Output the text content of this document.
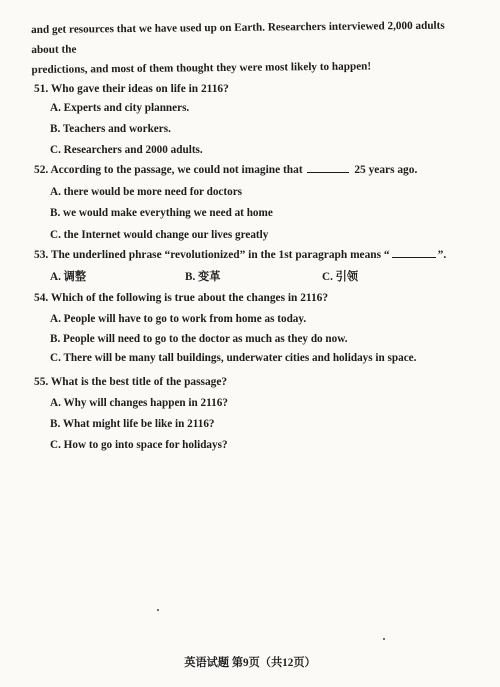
and get resources that we have used up on Earth. Researchers interviewed 2,000 adults about the

predictions, and most of them thought they were most likely to happen!

51. Who gave their ideas on life in 2116?
A. Experts and city planners.
B. Teachers and workers.
C. Researchers and 2000 adults.
52. According to the passage, we could not imagine that	25 years ago.
A. there would be more need for doctors
B. we would make everything we need at home
C. the Internet would change our lives greatly
53. The underlined phrase “revolutionized” in the 1st paragraph means “	”.
A. 调整	B. 变革	C. 引领
54. Which of the following is true about the changes in 2116?
A. People will have to go to work from home as today.
B. People will need to go to the doctor as much as they do now.
C. There will be many tall buildings, underwater cities and holidays in space.
55. What is the best title of the passage?
A. Why will changes happen in 2116?
B. What might life be like in 2116?
C. How to go into space for holidays?
英语试题 第9页（共12页）
